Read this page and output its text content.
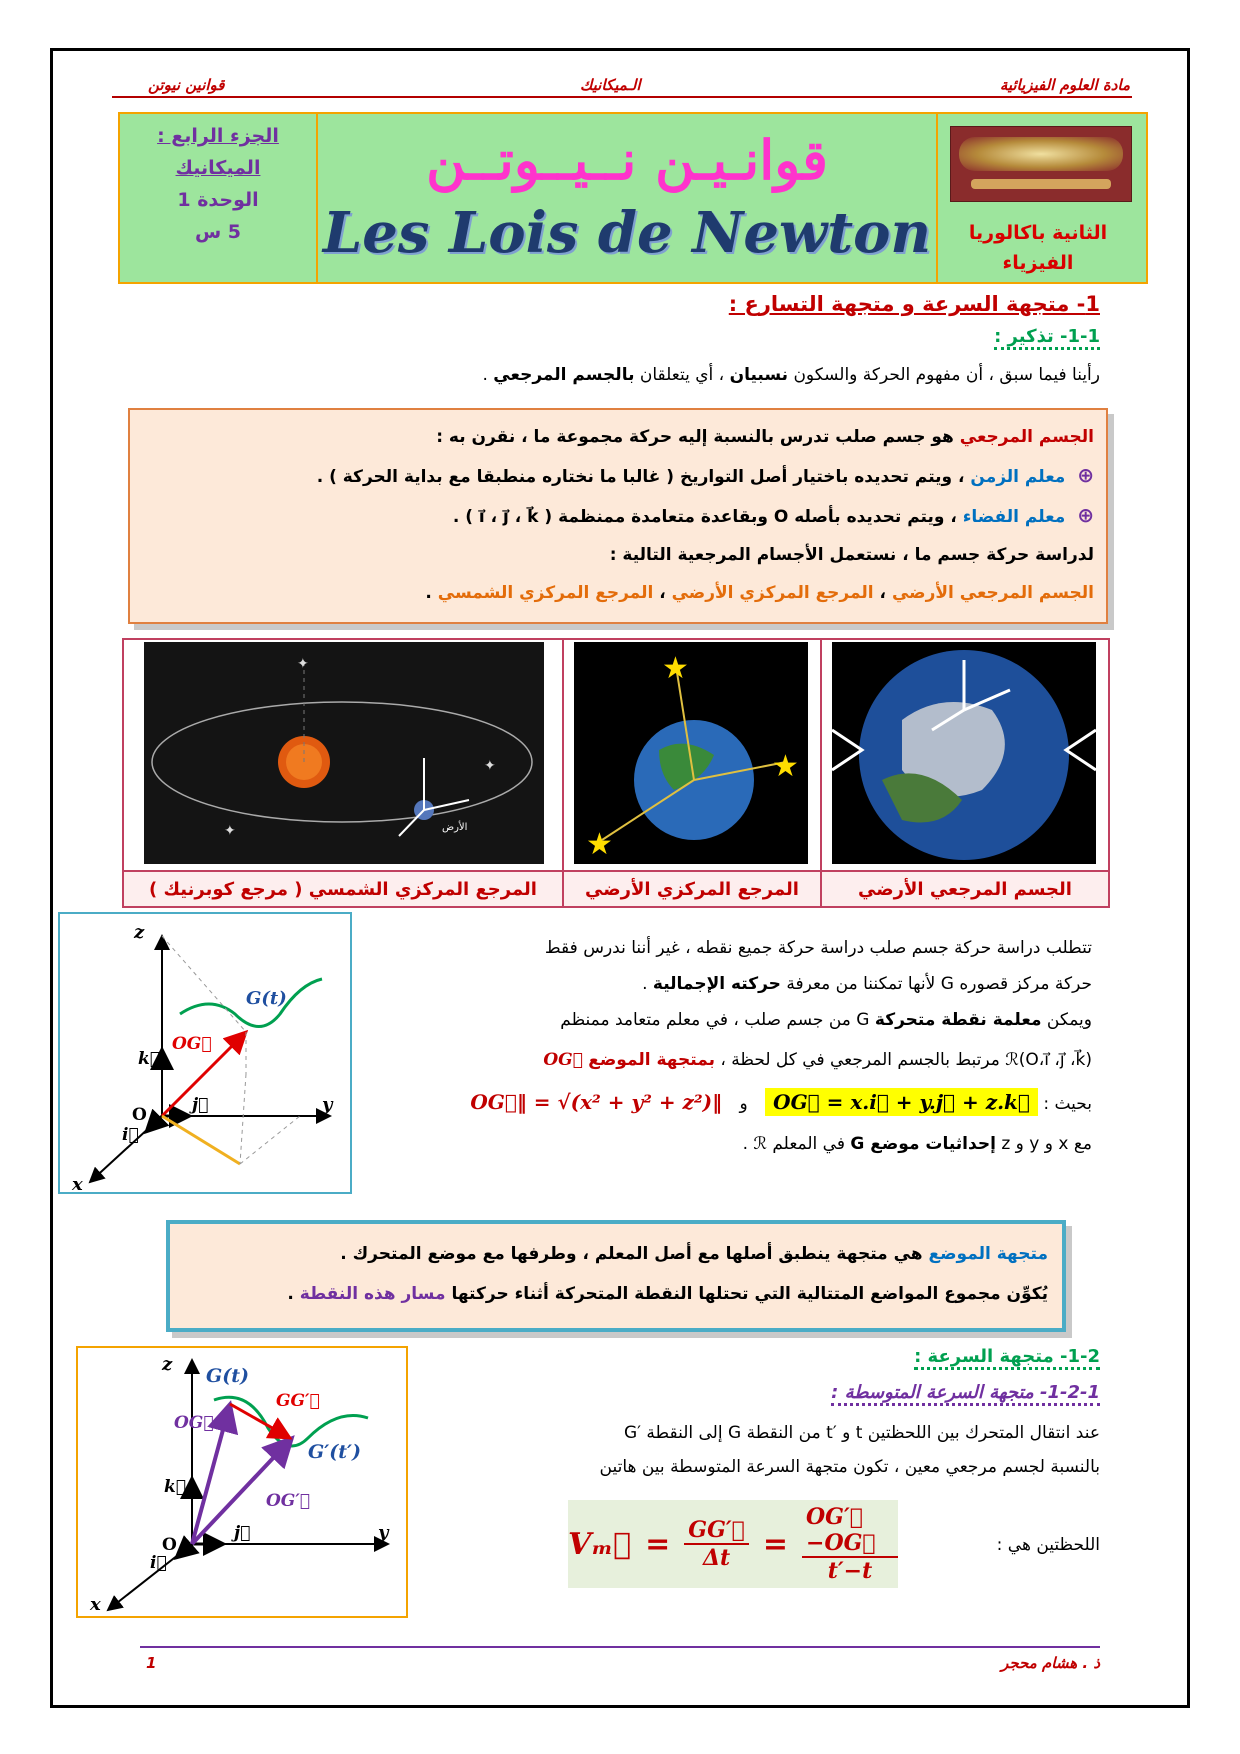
مادة العلوم الفيزيائية
الـميكانيك
قوانين نيوتن
الثانية باكالوريا
الفيزياء
قوانـيـن نــيــوتــن
Les Lois de Newton
الجزء الرابع :
الميكانيك
الوحدة 1
5 س
1- متجهة السرعة و متجهة التسارع :
1-1- تذكير :
رأينا فيما سبق ، أن مفهوم الحركة والسكون نسبيان ، أي يتعلقان بالجسم المرجعي .
الجسم المرجعي هو جسم صلب تدرس بالنسبة إليه حركة مجموعة ما ، نقرن به :
⊕ معلم الزمن ، ويتم تحديده باختيار أصل التواريخ ( غالبا ما نختاره منطبقا مع بداية الحركة ) .
⊕ معلم الفضاء ، ويتم تحديده بأصله O وبقاعدة متعامدة ممنظمة ( i⃗ ، j⃗ ، k⃗ ) .
لدراسة حركة جسم ما ، نستعمل الأجسام المرجعية التالية :
الجسم المرجعي الأرضي ، المرجع المركزي الأرضي ، المرجع المركزي الشمسي .
الأرض
✦
✦
✦
★
★
★
الجسم المرجعي الأرضي
المرجع المركزي الأرضي
المرجع المركزي الشمسي ( مرجع كوبرنيك )
z
y
x
O
k⃗
j⃗
i⃗
G(t)
OG⃗
تتطلب دراسة حركة جسم صلب دراسة حركة جميع نقطه ، غير أننا ندرس فقط
حركة مركز قصوره G لأنها تمكننا من معرفة حركته الإجمالية .
ويمكن معلمة نقطة متحركة G من جسم صلب ، في معلم متعامد ممنظم
ℛ(O،i⃗ ،j⃗ ،k⃗) مرتبط بالجسم المرجعي في كل لحظة ، بمتجهة الموضع OG⃗
بحيث : OG⃗ = x.i⃗ + y.j⃗ + z.k⃗ و ‖OG⃗‖ = √(x² + y² + z²)
مع x و y و z إحداثيات موضع G في المعلم ℛ .
متجهة الموضع هي متجهة ينطبق أصلها مع أصل المعلم ، وطرفها مع موضع المتحرك .
يُكوِّن مجموع المواضع المتتالية التي تحتلها النقطة المتحركة أثناء حركتها مسار هذه النقطة .
z
y
x
O
k⃗
j⃗
i⃗
G(t)
G′(t′)
OG⃗
GG′⃗
OG′⃗
1-2- متجهة السرعة :
1-2-1- متجهة السرعة المتوسطة :
عند انتقال المتحرك بين اللحظتين t و ′t من النقطة G إلى النقطة ′G
بالنسبة لجسم مرجعي معين ، تكون متجهة السرعة المتوسطة بين هاتين
اللحظتين هي :
Vₘ⃗ = $\frac{GG'⃗}{\Delta t} = \frac{OG'⃗-OG⃗}{t'-t}$
ذ . هشام محجر
1
